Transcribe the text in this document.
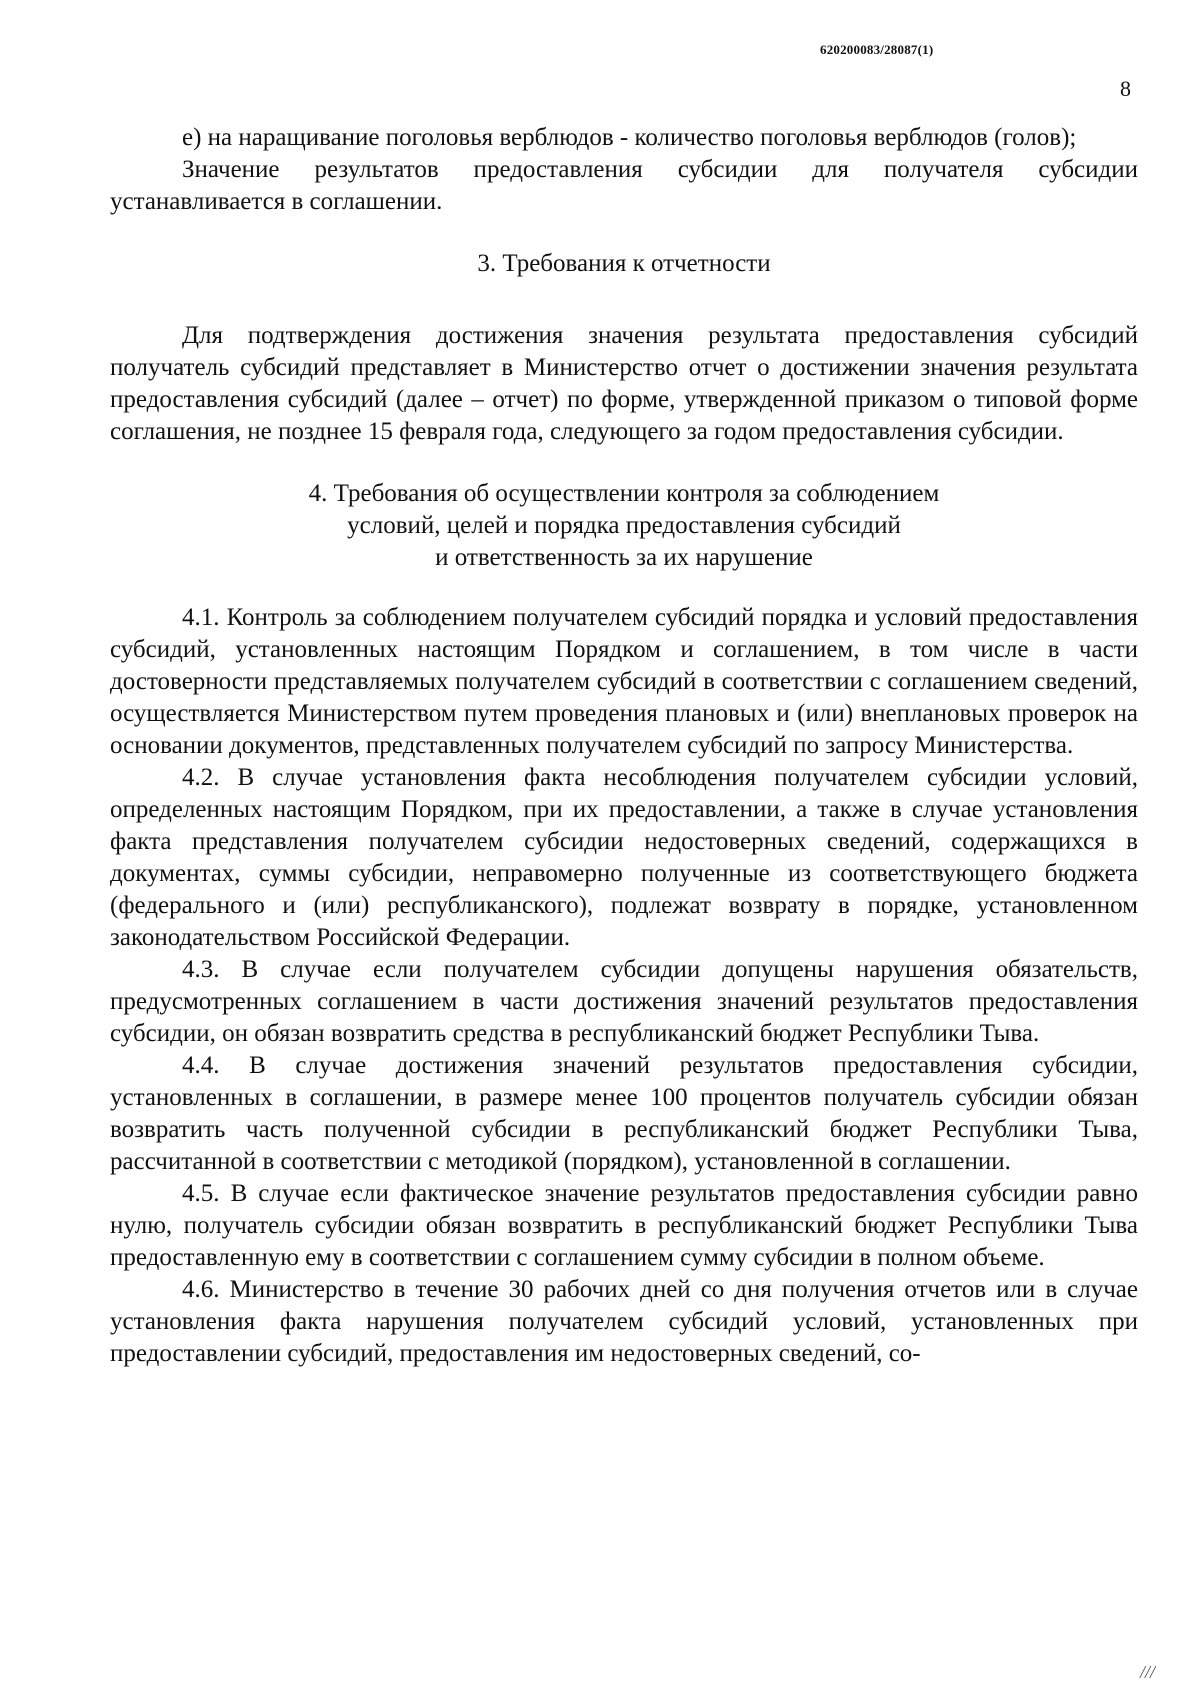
620200083/28087(1)
8

е) на наращивание поголовья верблюдов - количество поголовья верблюдов (голов);

Значение результатов предоставления субсидии для получателя субсидии устанавливается в соглашении.

3. Требования к отчетности

Для подтверждения достижения значения результата предоставления субсидий получатель субсидий представляет в Министерство отчет о достижении значения результата предоставления субсидий (далее – отчет) по форме, утвержденной приказом о типовой форме соглашения, не позднее 15 февраля года, следующего за годом предоставления субсидии.

4. Требования об осуществлении контроля за соблюдением

условий, целей и порядка предоставления субсидий

и ответственность за их нарушение

4.1. Контроль за соблюдением получателем субсидий порядка и условий предоставления субсидий, установленных настоящим Порядком и соглашением, в том числе в части достоверности представляемых получателем субсидий в соответствии с соглашением сведений, осуществляется Министерством путем проведения плановых и (или) внеплановых проверок на основании документов, представленных получателем субсидий по запросу Министерства.

4.2. В случае установления факта несоблюдения получателем субсидии условий, определенных настоящим Порядком, при их предоставлении, а также в случае установления факта представления получателем субсидии недостоверных сведений, содержащихся в документах, суммы субсидии, неправомерно полученные из соответствующего бюджета (федерального и (или) республиканского), подлежат возврату в порядке, установленном законодательством Российской Федерации.

4.3. В случае если получателем субсидии допущены нарушения обязательств, предусмотренных соглашением в части достижения значений результатов предоставления субсидии, он обязан возвратить средства в республиканский бюджет Республики Тыва.

4.4. В случае достижения значений результатов предоставления субсидии, установленных в соглашении, в размере менее 100 процентов получатель субсидии обязан возвратить часть полученной субсидии в республиканский бюджет Республики Тыва, рассчитанной в соответствии с методикой (порядком), установленной в соглашении.

4.5. В случае если фактическое значение результатов предоставления субсидии равно нулю, получатель субсидии обязан возвратить в республиканский бюджет Республики Тыва предоставленную ему в соответствии с соглашением сумму субсидии в полном объеме.

4.6. Министерство в течение 30 рабочих дней со дня получения отчетов или в случае установления факта нарушения получателем субсидий условий, установленных при предоставлении субсидий, предоставления им недостоверных сведений, со-

///
